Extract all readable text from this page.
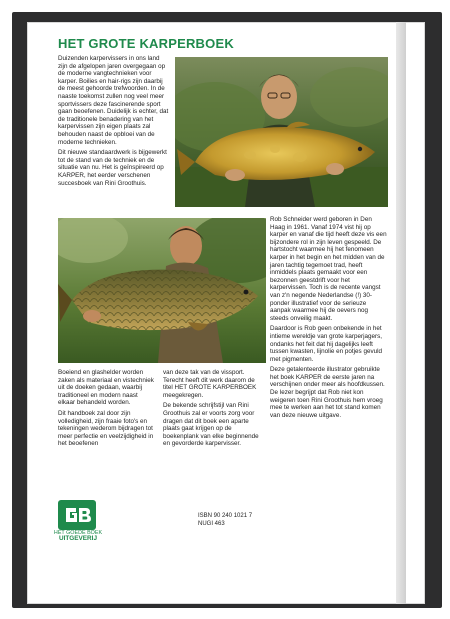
HET GROTE KARPERBOEK

Duizenden karpervissers in ons land zijn de afgelopen jaren overgegaan op de moderne vangtechnieken voor karper. Boilies en hair-rigs zijn daarbij de meest gehoorde trefwoorden. In de naaste toekomst zullen nog veel meer sportvissers deze fascinerende sport gaan beoefenen. Duidelijk is echter, dat de traditionele benadering van het karpervissen zijn eigen plaats zal behouden naast de opbloei van de moderne technieken.

Dit nieuwe standaardwerk is bijgewerkt tot de stand van de techniek en de situatie van nu. Het is geïnspireerd op KARPER, het eerder verschenen succesboek van Rini Groothuis.

Rob Schneider werd geboren in Den Haag in 1961. Vanaf 1974 vist hij op karper en vanaf die tijd heeft deze vis een bijzondere rol in zijn leven gespeeld. De hartstocht waarmee hij het fenomeen karper in het begin en het midden van de jaren tachtig tegemoet trad, heeft inmiddels plaats gemaakt voor een bezonnen geestdrift voor het karpervissen. Toch is de recente vangst van z'n negende Nederlandse (!) 30-ponder illustratief voor de serieuze aanpak waarmee hij de oevers nog steeds onveilig maakt.

Daardoor is Rob geen onbekende in het intieme wereldje van grote karperjagers, ondanks het feit dat hij dagelijks leeft tussen kwasten, lijnolie en potjes gevuld met pigmenten.

Deze getalenteerde illustrator gebruikte het boek KARPER de eerste jaren na verschijnen onder meer als hoofdkussen. De lezer begrijpt dat Rob niet kon weigeren toen Rini Groothuis hem vroeg mee te werken aan het tot stand komen van deze nieuwe uitgave.

Boeiend en glashelder worden zaken als materiaal en vistechniek uit de doeken gedaan, waarbij traditioneel en modern naast elkaar behandeld worden.

Dit handboek zal door zijn volledigheid, zijn fraaie foto's en tekeningen wederom bijdragen tot meer perfectie en veelzijdigheid in het beoefenen

van deze tak van de vissport. Terecht heeft dit werk daarom de titel HET GROTE KARPERBOEK meegekregen.

De bekende schrijfstijl van Rini Groothuis zal er voorts zorg voor dragen dat dit boek een aparte plaats gaat krijgen op de boekenplank van elke beginnende en gevorderde karpervisser.

HET GOEDE BOEK
UITGEVERIJ
ISBN 90 240 1021 7
NUGI 463
